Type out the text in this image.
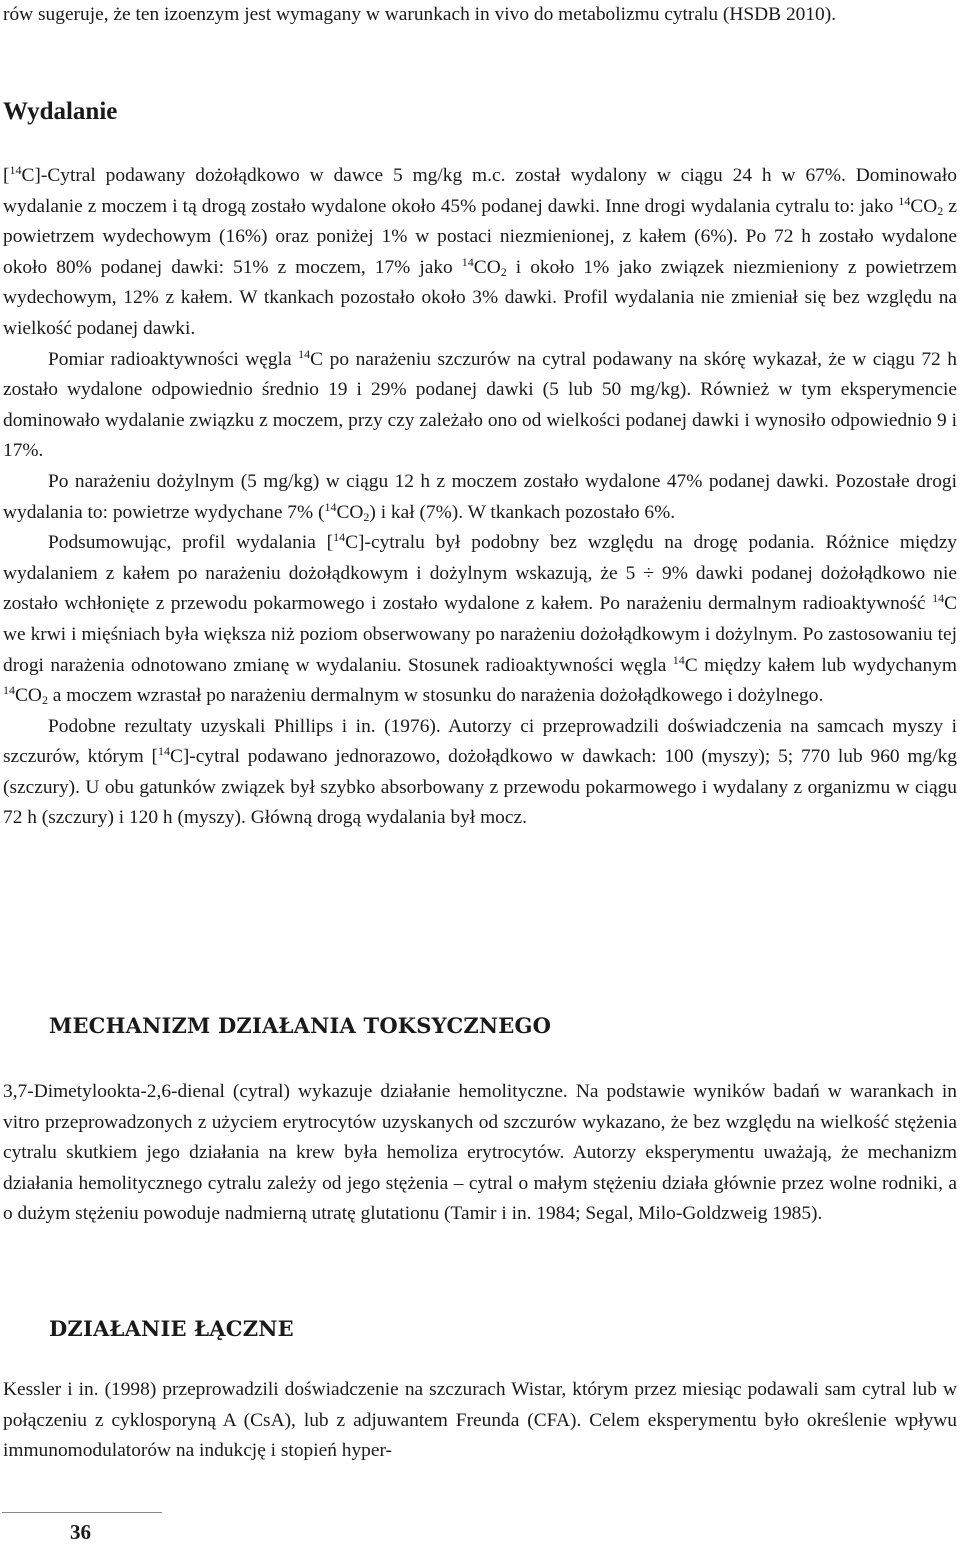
rów sugeruje, że ten izoenzym jest wymagany w warunkach in vivo do metabolizmu cytralu (HSDB 2010).

Wydalanie

[$^{14}$C]-Cytral podawany dożołądkowo w dawce 5 mg/kg m.c. został wydalony w ciągu 24 h w 67%. Dominowało wydalanie z moczem i tą drogą zostało wydalone około 45% podanej dawki. Inne drogi wydalania cytralu to: jako $^{14}CO_2$ z powietrzem wydechowym (16%) oraz poniżej 1% w postaci niezmienionej, z kałem (6%). Po 72 h zostało wydalone około 80% podanej dawki: 51% z moczem, 17% jako $^{14}CO_2$ i około 1% jako związek niezmieniony z powietrzem wydechowym, 12% z kałem. W tkankach pozostało około 3% dawki. Profil wydalania nie zmieniał się bez względu na wielkość podanej dawki.

Pomiar radioaktywności węgla $^{14}$C po narażeniu szczurów na cytral podawany na skórę wykazał, że w ciągu 72 h zostało wydalone odpowiednio średnio 19 i 29% podanej dawki (5 lub 50 mg/kg). Również w tym eksperymencie dominowało wydalanie związku z moczem, przy czy zależało ono od wielkości podanej dawki i wynosiło odpowiednio 9 i 17%.

Po narażeniu dożylnym (5 mg/kg) w ciągu 12 h z moczem zostało wydalone 47% podanej dawki. Pozostałe drogi wydalania to: powietrze wydychane 7% $(^{14}CO_2)$ i kał (7%). W tkankach pozostało 6%.

Podsumowując, profil wydalania [$^{14}$C]-cytralu był podobny bez względu na drogę podania. Różnice między wydalaniem z kałem po narażeniu dożołądkowym i dożylnym wskazują, że 5 ÷ 9% dawki podanej dożołądkowo nie zostało wchłonięte z przewodu pokarmowego i zostało wydalone z kałem. Po narażeniu dermalnym radioaktywność $^{14}$C we krwi i mięśniach była większa niż poziom obserwowany po narażeniu dożołądkowym i dożylnym. Po zastosowaniu tej drogi narażenia odnotowano zmianę w wydalaniu. Stosunek radioaktywności węgla $^{14}$C między kałem lub wydychanym $^{14}CO_2$ a moczem wzrastał po narażeniu dermalnym w stosunku do narażenia dożołądkowego i dożylnego.

Podobne rezultaty uzyskali Phillips i in. (1976). Autorzy ci przeprowadzili doświadczenia na samcach myszy i szczurów, którym [$^{14}$C]-cytral podawano jednorazowo, dożołądkowo w dawkach: 100 (myszy); 5; 770 lub 960 mg/kg (szczury). U obu gatunków związek był szybko absorbowany z przewodu pokarmowego i wydalany z organizmu w ciągu 72 h (szczury) i 120 h (myszy). Główną drogą wydalania był mocz.

MECHANIZM DZIAŁANIA TOKSYCZNEGO

3,7-Dimetylookta-2,6-dienal (cytral) wykazuje działanie hemolityczne. Na podstawie wyników badań w warankach in vitro przeprowadzonych z użyciem erytrocytów uzyskanych od szczurów wykazano, że bez względu na wielkość stężenia cytralu skutkiem jego działania na krew była hemoliza erytrocytów. Autorzy eksperymentu uważają, że mechanizm działania hemolitycznego cytralu zależy od jego stężenia – cytral o małym stężeniu działa głównie przez wolne rodniki, a o dużym stężeniu powoduje nadmierną utratę glutationu (Tamir i in. 1984; Segal, Milo-Goldzweig 1985).

DZIAŁANIE ŁĄCZNE

Kessler i in. (1998) przeprowadzili doświadczenie na szczurach Wistar, którym przez miesiąc podawali sam cytral lub w połączeniu z cyklosporyną A (CsA), lub z adjuwantem Freunda (CFA). Celem eksperymentu było określenie wpływu immunomodulatorów na indukcję i stopień hyper-

36
